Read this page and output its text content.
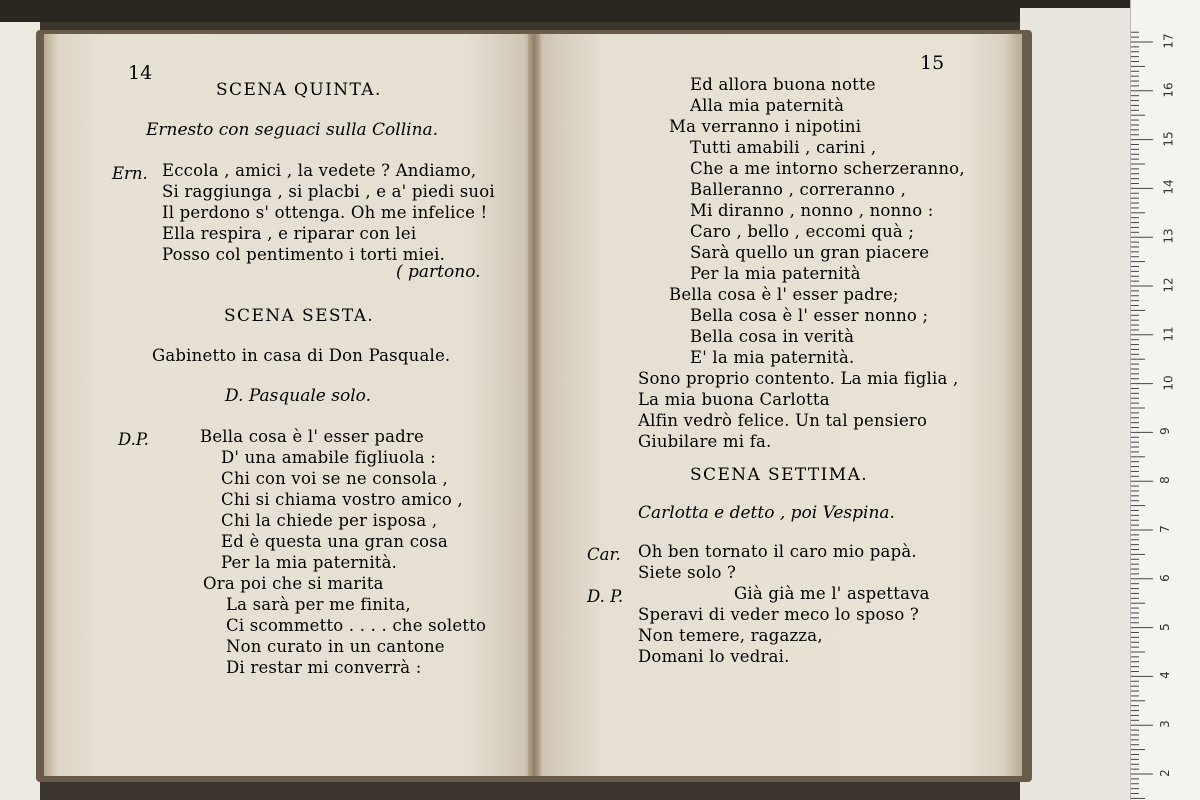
14
SCENA QUINTA.
Ernesto con seguaci sulla Collina.
Ern. Eccola , amici , la vedete ? Andiamo,
Si raggiunga , si placbi , e a' piedi suoi
Il perdono s' ottenga. Oh me infelice !
Ella respira , e riparar con lei
Posso col pentimento i torti miei.
( partono.
SCENA SESTA.
Gabinetto in casa di Don Pasquale.
D. Pasquale solo.
D.P.	Bella cosa è l' esser padre
D' una amabile figliuola :
Chi con voi se ne consola ,
Chi si chiama vostro amico ,
Chi la chiede per isposa ,
Ed è questa una gran cosa
Per la mia paternità.
Ora poi che si marita
La sarà per me finita,
Ci scommetto . . . . che soletto
Non curato in un cantone
Di restar mi converrà :
15
Ed allora buona notte
Alla mia paternità
Ma verranno i nipotini
Tutti amabili , carini ,
Che a me intorno scherzeranno,
Balleranno , correranno ,
Mi diranno , nonno , nonno :
Caro , bello , eccomi quà ;
Sarà quello un gran piacere
Per la mia paternità
Bella cosa è l' esser padre;
Bella cosa è l' esser nonno ;
Bella cosa in verità
E' la mia paternità.
Sono proprio contento. La mia figlia ,
La mia buona Carlotta
Alfin vedrò felice. Un tal pensiero
Giubilare mi fa.
SCENA SETTIMA.
Carlotta e detto , poi Vespina.
Car. Oh ben tornato il caro mio papà.
Siete solo ?
D. P.	Già già me l' aspettava
Speravi di veder meco lo sposo ?
Non temere, ragazza,
Domani lo vedrai.
17
16
15
14
13
12
11
10
9
8
7
6
5
4
3
2
